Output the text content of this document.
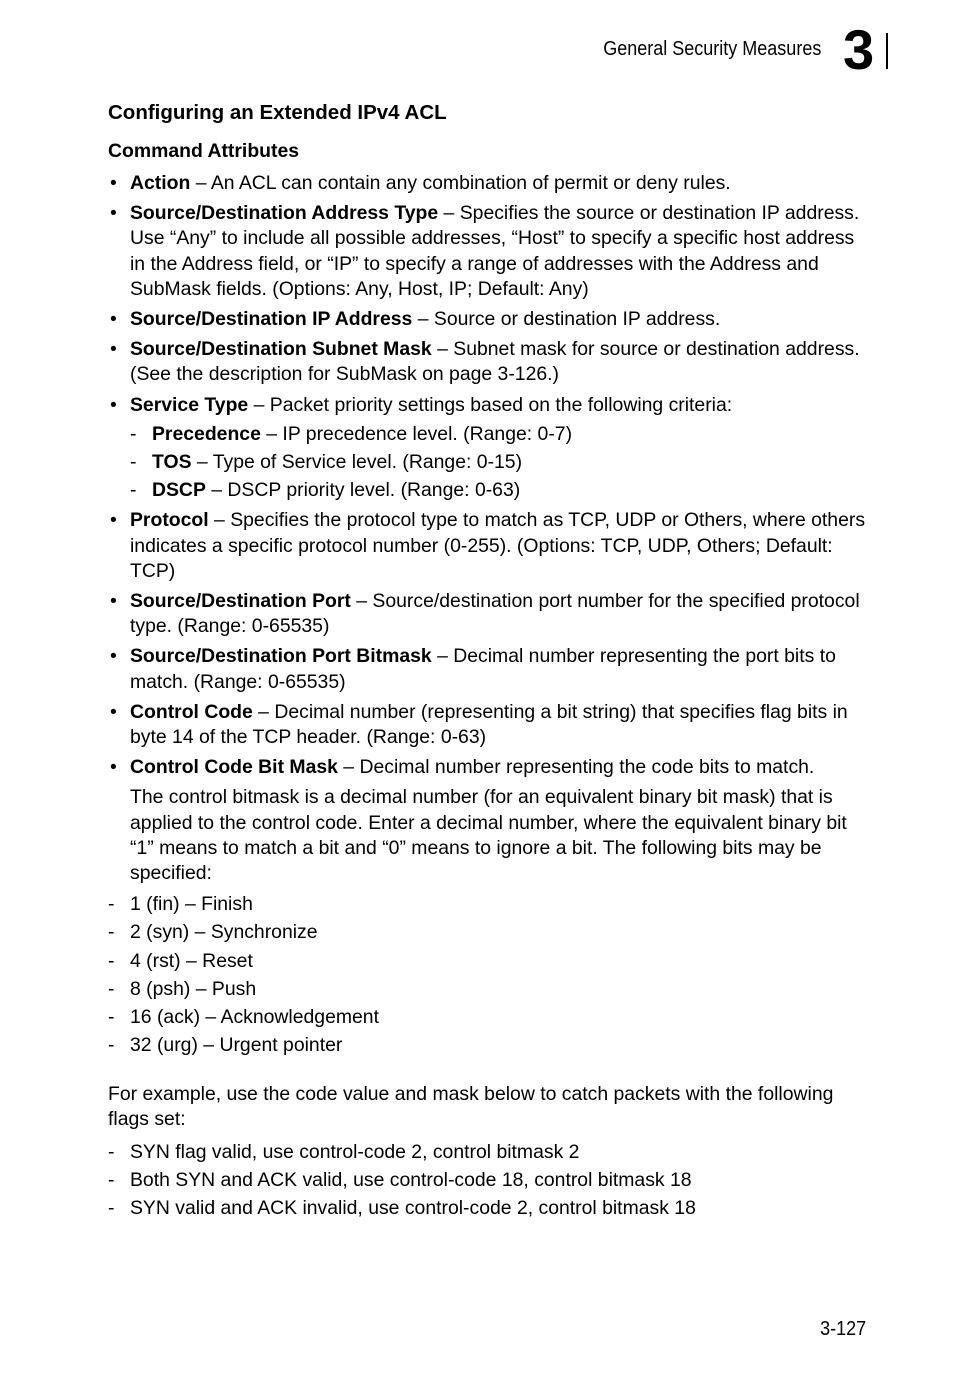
General Security Measures 3
Configuring an Extended IPv4 ACL
Command Attributes
• Action – An ACL can contain any combination of permit or deny rules.
• Source/Destination Address Type – Specifies the source or destination IP address. Use “Any” to include all possible addresses, “Host” to specify a specific host address in the Address field, or “IP” to specify a range of addresses with the Address and SubMask fields. (Options: Any, Host, IP; Default: Any)
• Source/Destination IP Address – Source or destination IP address.
• Source/Destination Subnet Mask – Subnet mask for source or destination address. (See the description for SubMask on page 3-126.)
• Service Type – Packet priority settings based on the following criteria:
- Precedence – IP precedence level. (Range: 0-7)
- TOS – Type of Service level. (Range: 0-15)
- DSCP – DSCP priority level. (Range: 0-63)
• Protocol – Specifies the protocol type to match as TCP, UDP or Others, where others indicates a specific protocol number (0-255). (Options: TCP, UDP, Others; Default: TCP)
• Source/Destination Port – Source/destination port number for the specified protocol type. (Range: 0-65535)
• Source/Destination Port Bitmask – Decimal number representing the port bits to match. (Range: 0-65535)
• Control Code – Decimal number (representing a bit string) that specifies flag bits in byte 14 of the TCP header. (Range: 0-63)
• Control Code Bit Mask – Decimal number representing the code bits to match.
The control bitmask is a decimal number (for an equivalent binary bit mask) that is applied to the control code. Enter a decimal number, where the equivalent binary bit “1” means to match a bit and “0” means to ignore a bit. The following bits may be specified:
- 1 (fin) – Finish
- 2 (syn) – Synchronize
- 4 (rst) – Reset
- 8 (psh) – Push
- 16 (ack) – Acknowledgement
- 32 (urg) – Urgent pointer
For example, use the code value and mask below to catch packets with the following flags set:
- SYN flag valid, use control-code 2, control bitmask 2
- Both SYN and ACK valid, use control-code 18, control bitmask 18
- SYN valid and ACK invalid, use control-code 2, control bitmask 18
3-127
